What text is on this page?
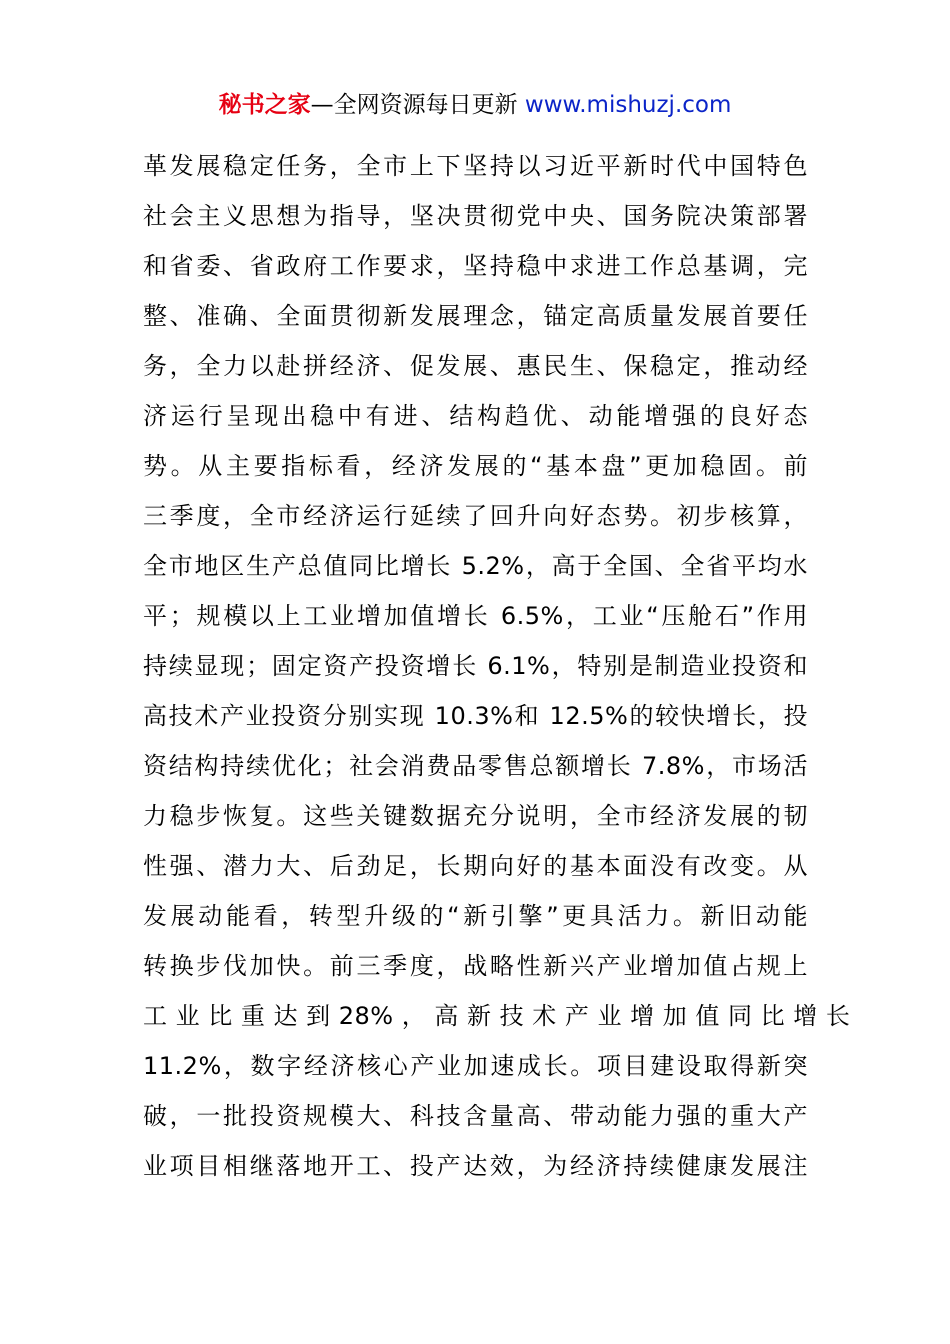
秘书之家—全网资源每日更新 www.mishuzj.com
革发展稳定任务，全市上下坚持以习近平新时代中国特色
社会主义思想为指导，坚决贯彻党中央、国务院决策部署
和省委、省政府工作要求，坚持稳中求进工作总基调，完
整、准确、全面贯彻新发展理念，锚定高质量发展首要任
务，全力以赴拼经济、促发展、惠民生、保稳定，推动经
济运行呈现出稳中有进、结构趋优、动能增强的良好态
势。从主要指标看，经济发展的“基本盘”更加稳固。前
三季度，全市经济运行延续了回升向好态势。初步核算，
全市地区生产总值同比增长 5.2%，高于全国、全省平均水
平；规模以上工业增加值增长 6.5%，工业“压舱石”作用
持续显现；固定资产投资增长 6.1%，特别是制造业投资和
高技术产业投资分别实现 10.3%和 12.5%的较快增长，投
资结构持续优化；社会消费品零售总额增长 7.8%，市场活
力稳步恢复。这些关键数据充分说明，全市经济发展的韧
性强、潜力大、后劲足，长期向好的基本面没有改变。从
发展动能看，转型升级的“新引擎”更具活力。新旧动能
转换步伐加快。前三季度，战略性新兴产业增加值占规上
工 业 比 重 达 到 28% ， 高 新 技 术 产 业 增 加 值 同 比 增 长
11.2%，数字经济核心产业加速成长。项目建设取得新突
破，一批投资规模大、科技含量高、带动能力强的重大产
业项目相继落地开工、投产达效，为经济持续健康发展注
